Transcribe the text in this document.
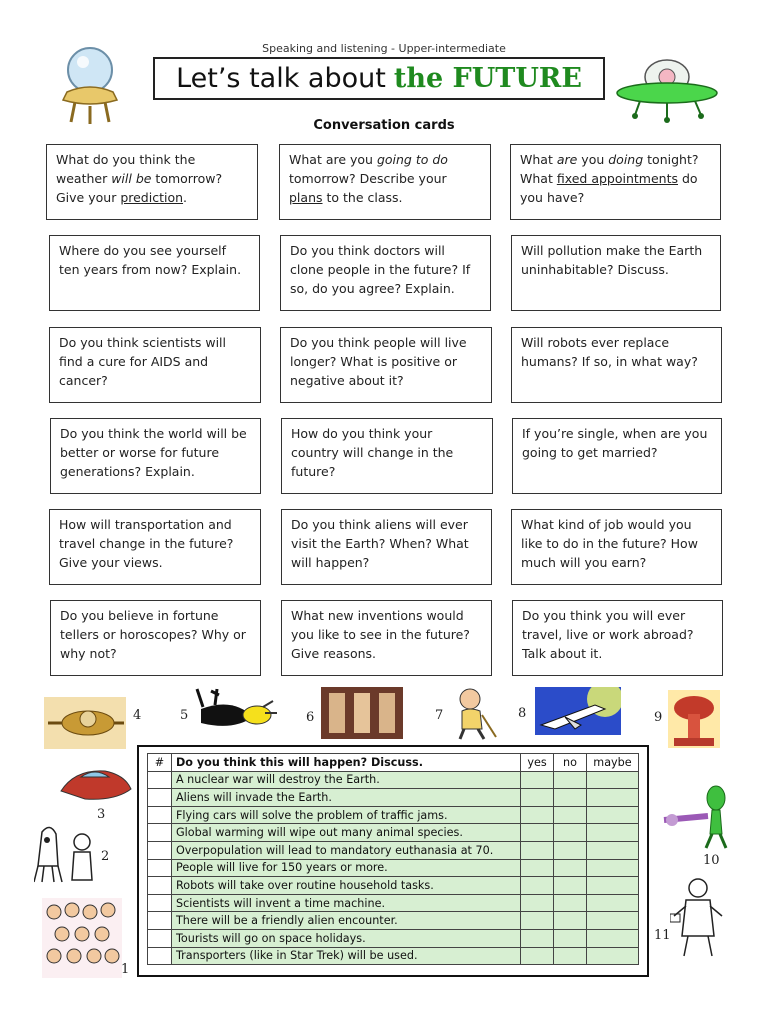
Speaking and listening - Upper-intermediate
Let’s talk about the FUTURE
Conversation cards
What do you think the weather will be tomorrow? Give your prediction.
What are you going to do tomorrow? Describe your plans to the class.
What are you doing tonight? What fixed appointments do you have?
Where do you see yourself ten years from now? Explain.
Do you think doctors will clone people in the future? If so, do you agree? Explain.
Will pollution make the Earth uninhabitable? Discuss.
Do you think scientists will find a cure for AIDS and cancer?
Do you think people will live longer? What is positive or negative about it?
Will robots ever replace humans? If so, in what way?
Do you think the world will be better or worse for future generations? Explain.
How do you think your country will change in the future?
If you’re single, when are you going to get married?
How will transportation and travel change in the future? Give your views.
Do you think aliens will ever visit the Earth? When? What will happen?
What kind of job would you like to do in the future? How much will you earn?
Do you believe in fortune tellers or horoscopes? Why or why not?
What new inventions would you like to see in the future? Give reasons.
Do you think you will ever travel, live or work abroad? Talk about it.
4	5	6	7	8	9
3
2
1
10
11
#	Do you think this will happen? Discuss.	yes	no	maybe
	A nuclear war will destroy the Earth.			
	Aliens will invade the Earth.			
	Flying cars will solve the problem of traffic jams.			
	Global warming will wipe out many animal species.			
	Overpopulation will lead to mandatory euthanasia at 70.			
	People will live for 150 years or more.			
	Robots will take over routine household tasks.			
	Scientists will invent a time machine.			
	There will be a friendly alien encounter.			
	Tourists will go on space holidays.			
	Transporters (like in Star Trek) will be used.			
